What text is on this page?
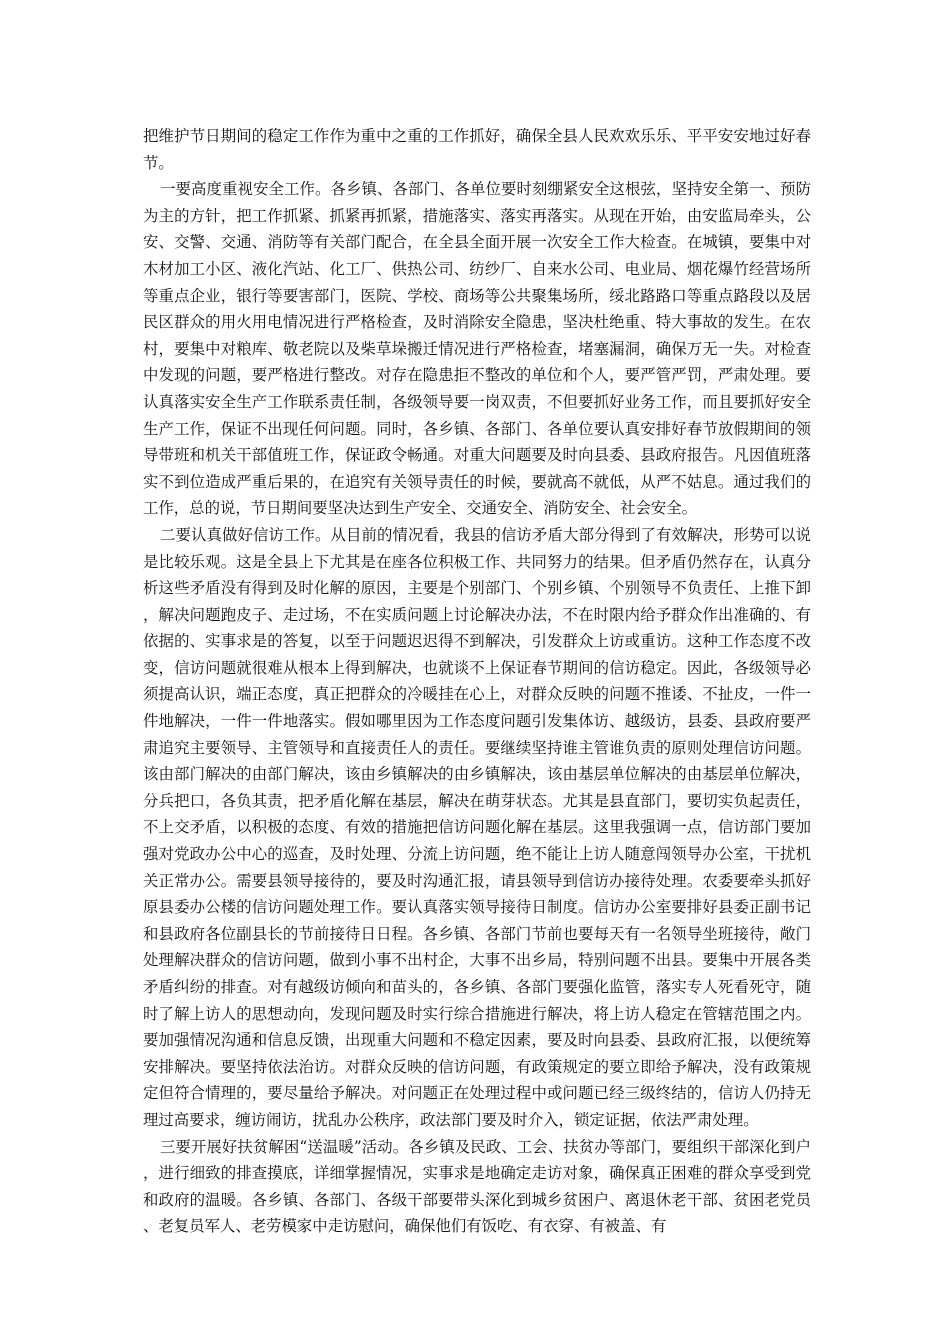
把维护节日期间的稳定工作作为重中之重的工作抓好，确保全县人民欢欢乐乐、平平安安地过好春节。

一要高度重视安全工作。各乡镇、各部门、各单位要时刻绷紧安全这根弦，坚持安全第一、预防为主的方针，把工作抓紧、抓紧再抓紧，措施落实、落实再落实。从现在开始，由安监局牵头，公安、交警、交通、消防等有关部门配合，在全县全面开展一次安全工作大检查。在城镇，要集中对木材加工小区、液化汽站、化工厂、供热公司、纺纱厂、自来水公司、电业局、烟花爆竹经营场所等重点企业，银行等要害部门，医院、学校、商场等公共聚集场所，绥北路路口等重点路段以及居民区群众的用火用电情况进行严格检查，及时消除安全隐患，坚决杜绝重、特大事故的发生。在农村，要集中对粮库、敬老院以及柴草垛搬迁情况进行严格检查，堵塞漏洞，确保万无一失。对检查中发现的问题，要严格进行整改。对存在隐患拒不整改的单位和个人，要严管严罚，严肃处理。要认真落实安全生产工作联系责任制，各级领导要一岗双责，不但要抓好业务工作，而且要抓好安全生产工作，保证不出现任何问题。同时，各乡镇、各部门、各单位要认真安排好春节放假期间的领导带班和机关干部值班工作，保证政令畅通。对重大问题要及时向县委、县政府报告。凡因值班落实不到位造成严重后果的，在追究有关领导责任的时候，要就高不就低，从严不姑息。通过我们的工作，总的说，节日期间要坚决达到生产安全、交通安全、消防安全、社会安全。

二要认真做好信访工作。从目前的情况看，我县的信访矛盾大部分得到了有效解决，形势可以说是比较乐观。这是全县上下尤其是在座各位积极工作、共同努力的结果。但矛盾仍然存在，认真分析这些矛盾没有得到及时化解的原因，主要是个别部门、个别乡镇、个别领导不负责任、上推下卸，解决问题跑皮子、走过场，不在实质问题上讨论解决办法，不在时限内给予群众作出准确的、有依据的、实事求是的答复，以至于问题迟迟得不到解决，引发群众上访或重访。这种工作态度不改变，信访问题就很难从根本上得到解决，也就谈不上保证春节期间的信访稳定。因此，各级领导必须提高认识，端正态度，真正把群众的冷暖挂在心上，对群众反映的问题不推诿、不扯皮，一件一件地解决，一件一件地落实。假如哪里因为工作态度问题引发集体访、越级访，县委、县政府要严肃追究主要领导、主管领导和直接责任人的责任。要继续坚持谁主管谁负责的原则处理信访问题。该由部门解决的由部门解决，该由乡镇解决的由乡镇解决，该由基层单位解决的由基层单位解决，分兵把口，各负其责，把矛盾化解在基层，解决在萌芽状态。尤其是县直部门，要切实负起责任，不上交矛盾，以积极的态度、有效的措施把信访问题化解在基层。这里我强调一点，信访部门要加强对党政办公中心的巡查，及时处理、分流上访问题，绝不能让上访人随意闯领导办公室，干扰机关正常办公。需要县领导接待的，要及时沟通汇报，请县领导到信访办接待处理。农委要牵头抓好原县委办公楼的信访问题处理工作。要认真落实领导接待日制度。信访办公室要排好县委正副书记和县政府各位副县长的节前接待日日程。各乡镇、各部门节前也要每天有一名领导坐班接待，敞门处理解决群众的信访问题，做到小事不出村企，大事不出乡局，特别问题不出县。要集中开展各类矛盾纠纷的排查。对有越级访倾向和苗头的，各乡镇、各部门要强化监管，落实专人死看死守，随时了解上访人的思想动向，发现问题及时实行综合措施进行解决，将上访人稳定在管辖范围之内。要加强情况沟通和信息反馈，出现重大问题和不稳定因素，要及时向县委、县政府汇报，以便统筹安排解决。要坚持依法治访。对群众反映的信访问题，有政策规定的要立即给予解决，没有政策规定但符合情理的，要尽量给予解决。对问题正在处理过程中或问题已经三级终结的，信访人仍持无理过高要求，缠访闹访，扰乱办公秩序，政法部门要及时介入，锁定证据，依法严肃处理。

三要开展好扶贫解困“送温暖”活动。各乡镇及民政、工会、扶贫办等部门，要组织干部深化到户，进行细致的排查摸底，详细掌握情况，实事求是地确定走访对象，确保真正困难的群众享受到党和政府的温暖。各乡镇、各部门、各级干部要带头深化到城乡贫困户、离退休老干部、贫困老党员、老复员军人、老劳模家中走访慰问，确保他们有饭吃、有衣穿、有被盖、有
